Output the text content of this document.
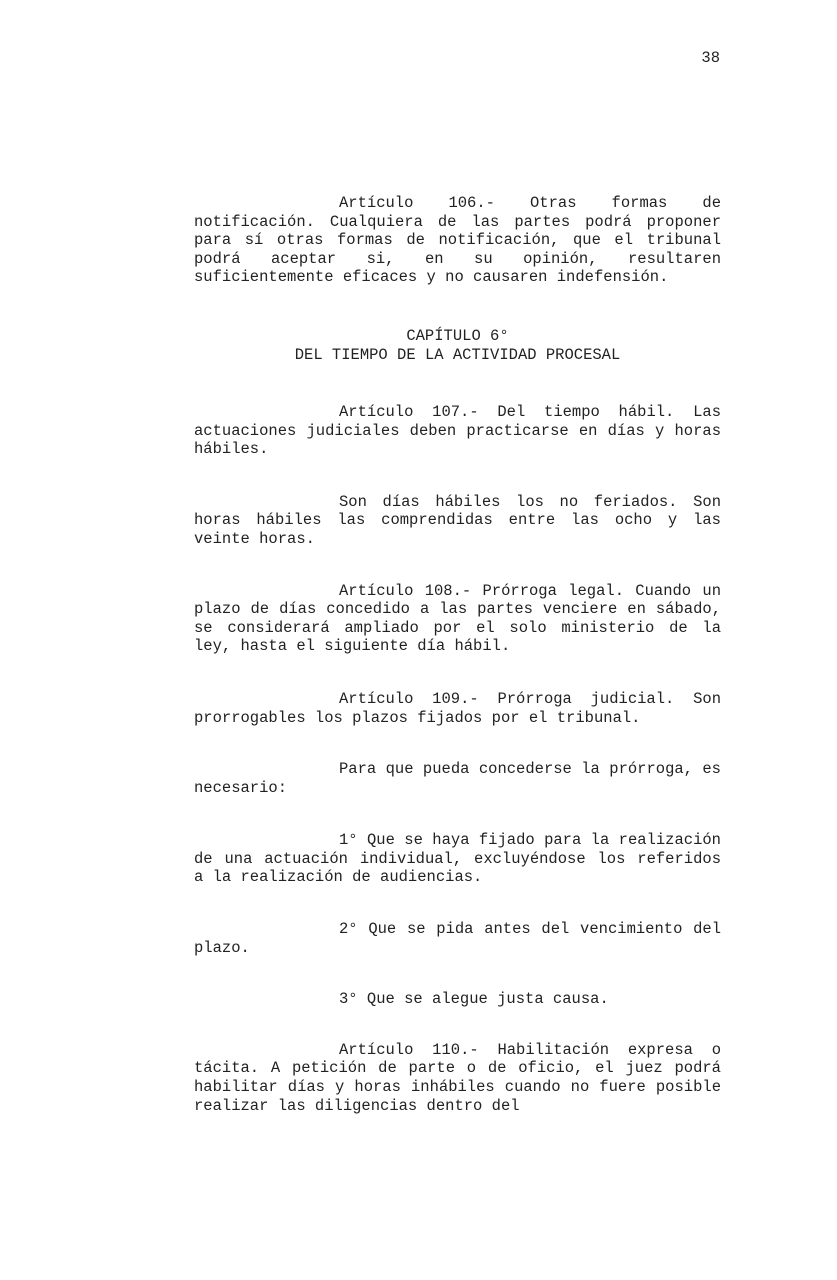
38

Artículo 106.- Otras formas de notificación. Cualquiera de las partes podrá proponer para sí otras formas de notificación, que el tribunal podrá aceptar si, en su opinión, resultaren suficientemente eficaces y no causaren indefensión.

CAPÍTULO 6°

DEL TIEMPO DE LA ACTIVIDAD PROCESAL

Artículo 107.- Del tiempo hábil. Las actuaciones judiciales deben practicarse en días y horas hábiles.

Son días hábiles los no feriados. Son horas hábiles las comprendidas entre las ocho y las veinte horas.

Artículo 108.- Prórroga legal. Cuando un plazo de días concedido a las partes venciere en sábado, se considerará ampliado por el solo ministerio de la ley, hasta el siguiente día hábil.

Artículo 109.- Prórroga judicial. Son prorrogables los plazos fijados por el tribunal.

Para que pueda concederse la prórroga, es necesario:

1° Que se haya fijado para la realización de una actuación individual, excluyéndose los referidos a la realización de audiencias.

2° Que se pida antes del vencimiento del plazo.

3° Que se alegue justa causa.

Artículo 110.- Habilitación expresa o tácita. A petición de parte o de oficio, el juez podrá habilitar días y horas inhábiles cuando no fuere posible realizar las diligencias dentro del
